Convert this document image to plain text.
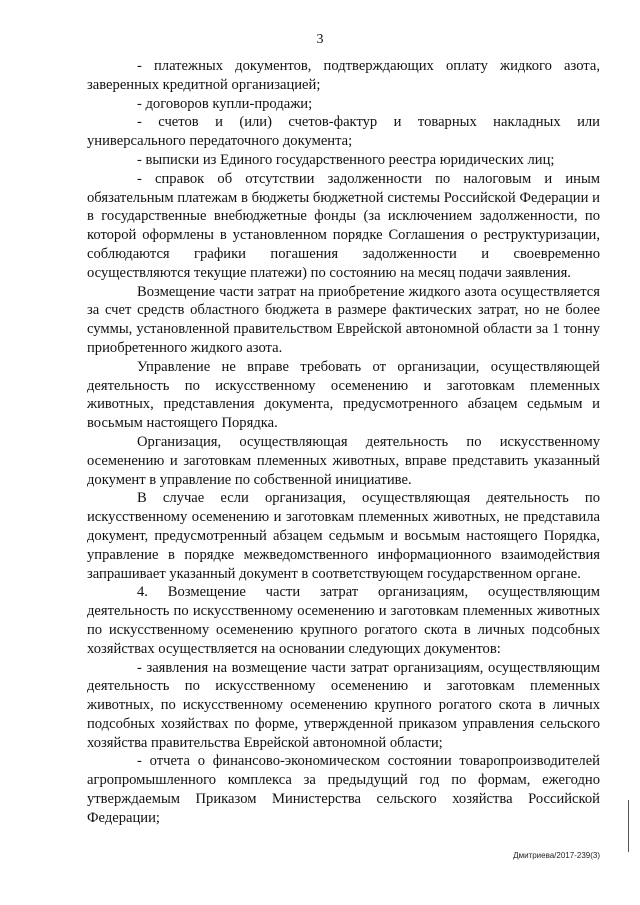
3

- платежных документов, подтверждающих оплату жидкого азота, заверенных кредитной организацией;

- договоров купли-продажи;

- счетов и (или) счетов-фактур и товарных накладных или универсального передаточного документа;

- выписки из Единого государственного реестра юридических лиц;

- справок об отсутствии задолженности по налоговым и иным обязательным платежам в бюджеты бюджетной системы Российской Федерации и в государственные внебюджетные фонды (за исключением задолженности, по которой оформлены в установленном порядке Соглашения о реструктуризации, соблюдаются графики погашения задолженности и своевременно осуществляются текущие платежи) по состоянию на месяц подачи заявления.

Возмещение части затрат на приобретение жидкого азота осуществляется за счет средств областного бюджета в размере фактических затрат, но не более суммы, установленной правительством Еврейской автономной области за 1 тонну приобретенного жидкого азота.

Управление не вправе требовать от организации, осуществляющей деятельность по искусственному осеменению и заготовкам племенных животных, представления документа, предусмотренного абзацем седьмым и восьмым настоящего Порядка.

Организация, осуществляющая деятельность по искусственному осеменению и заготовкам племенных животных, вправе представить указанный документ в управление по собственной инициативе.

В случае если организация, осуществляющая деятельность по искусственному осеменению и заготовкам племенных животных, не представила документ, предусмотренный абзацем седьмым и восьмым настоящего Порядка, управление в порядке межведомственного информационного взаимодействия запрашивает указанный документ в соответствующем государственном органе.

4. Возмещение части затрат организациям, осуществляющим деятельность по искусственному осеменению и заготовкам племенных животных по искусственному осеменению крупного рогатого скота в личных подсобных хозяйствах осуществляется на основании следующих документов:

- заявления на возмещение части затрат организациям, осуществляющим деятельность по искусственному осеменению и заготовкам племенных животных, по искусственному осеменению крупного рогатого скота в личных подсобных хозяйствах по форме, утвержденной приказом управления сельского хозяйства правительства Еврейской автономной области;

- отчета о финансово-экономическом состоянии товаропроизводителей агропромышленного комплекса за предыдущий год по формам, ежегодно утверждаемым Приказом Министерства сельского хозяйства Российской Федерации;

Дмитриева/2017-239(3)
